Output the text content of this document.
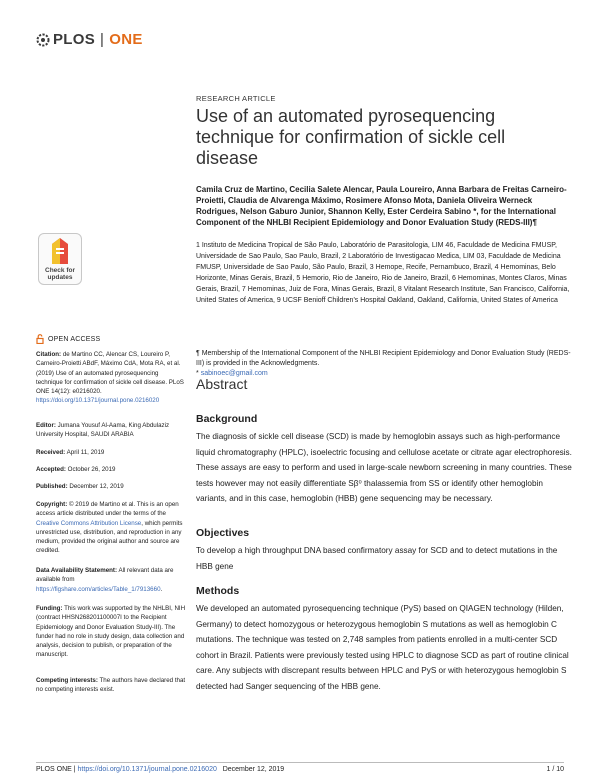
PLOS | ONE
RESEARCH ARTICLE
Use of an automated pyrosequencing technique for confirmation of sickle cell disease
Camila Cruz de Martino, Cecilia Salete Alencar, Paula Loureiro, Anna Barbara de Freitas Carneiro-Proietti, Claudia de Alvarenga Máximo, Rosimere Afonso Mota, Daniela Oliveira Werneck Rodrigues, Nelson Gaburo Junior, Shannon Kelly, Ester Cerdeira Sabino *, for the International Component of the NHLBI Recipient Epidemiology and Donor Evaluation Study (REDS-III)¶
1 Instituto de Medicina Tropical de São Paulo, Laboratório de Parasitologia, LIM 46, Faculdade de Medicina FMUSP, Universidade de Sao Paulo, Sao Paulo, Brazil, 2 Laboratório de Investigacao Medica, LIM 03, Faculdade de Medicina FMUSP, Universidade de Sao Paulo, São Paulo, Brazil, 3 Hemope, Recife, Pernambuco, Brazil, 4 Hemominas, Belo Horizonte, Minas Gerais, Brazil, 5 Hemorio, Rio de Janeiro, Rio de Janeiro, Brazil, 6 Hemominas, Montes Claros, Minas Gerais, Brazil, 7 Hemominas, Juiz de Fora, Minas Gerais, Brazil, 8 Vitalant Research Institute, San Francisco, California, United States of America, 9 UCSF Benioff Children's Hospital Oakland, Oakland, California, United States of America
¶ Membership of the International Component of the NHLBI Recipient Epidemiology and Donor Evaluation Study (REDS-III) is provided in the Acknowledgments.
* sabinoec@gmail.com
Abstract
Background
The diagnosis of sickle cell disease (SCD) is made by hemoglobin assays such as high-performance liquid chromatography (HPLC), isoelectric focusing and cellulose acetate or citrate agar electrophoresis. These assays are easy to perform and used in large-scale newborn screening in many countries. These tests however may not easily differentiate Sβ⁰ thalassemia from SS or identify other hemoglobin variants, and in this case, hemoglobin (HBB) gene sequencing may be necessary.
Objectives
To develop a high throughput DNA based confirmatory assay for SCD and to detect mutations in the HBB gene
Methods
We developed an automated pyrosequencing technique (PyS) based on QIAGEN technology (Hilden, Germany) to detect homozygous or heterozygous hemoglobin S mutations as well as hemoglobin C mutations. The technique was tested on 2,748 samples from patients enrolled in a multi-center SCD cohort in Brazil. Patients were previously tested using HPLC to diagnose SCD as part of routine clinical care. Any subjects with discrepant results between HPLC and PyS or with heterozygous hemoglobin S detected had Sanger sequencing of the HBB gene.
Check for
updates
OPEN ACCESS
Citation: de Martino CC, Alencar CS, Loureiro P, Carneiro-Proietti ABdF, Máximo CdA, Mota RA, et al. (2019) Use of an automated pyrosequencing technique for confirmation of sickle cell disease. PLoS ONE 14(12): e0216020. https://doi.org/10.1371/journal.pone.0216020
Editor: Jumana Yousuf Al-Aama, King Abdulaziz University Hospital, SAUDI ARABIA
Received: April 11, 2019
Accepted: October 26, 2019
Published: December 12, 2019
Copyright: © 2019 de Martino et al. This is an open access article distributed under the terms of the Creative Commons Attribution License, which permits unrestricted use, distribution, and reproduction in any medium, provided the original author and source are credited.
Data Availability Statement: All relevant data are available from https://figshare.com/articles/Table_1/7913660.
Funding: This work was supported by the NHLBI, NIH (contract HHSN268201100007I to the Recipient Epidemiology and Donor Evaluation Study-III). The funder had no role in study design, data collection and analysis, decision to publish, or preparation of the manuscript.
Competing interests: The authors have declared that no competing interests exist.
PLOS ONE | https://doi.org/10.1371/journal.pone.0216020 December 12, 2019	1 / 10
